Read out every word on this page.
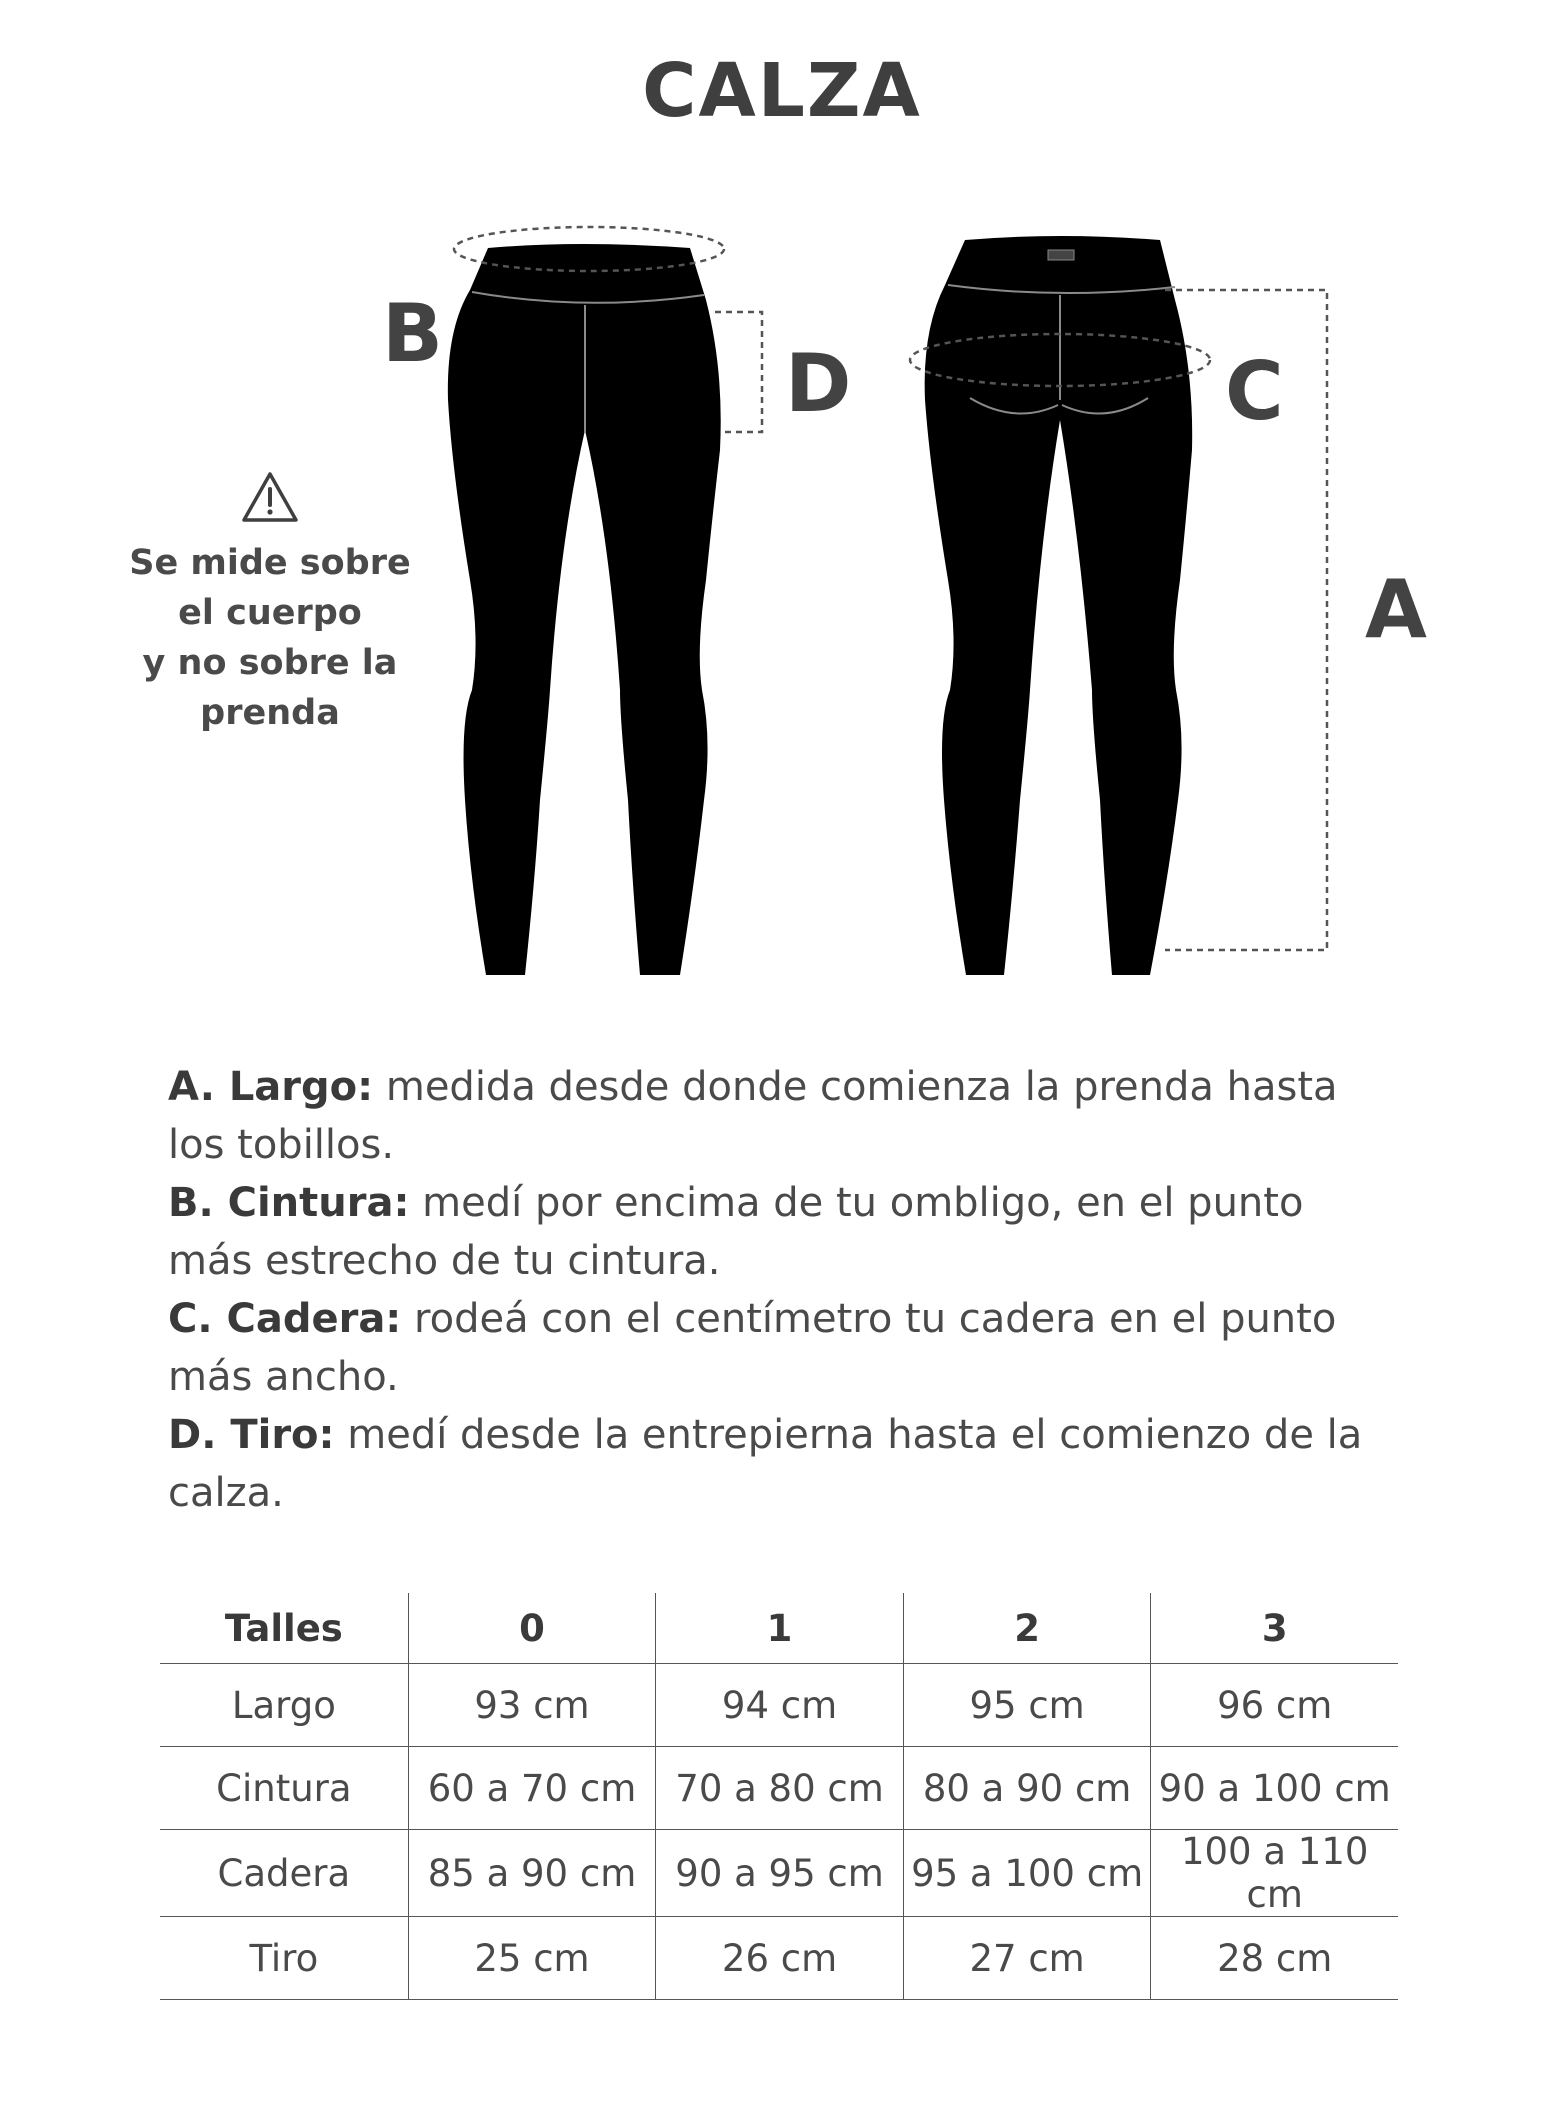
CALZA
B
D	C
A
Se mide sobre
el cuerpo
y no sobre la
prenda

A. Largo: medida desde donde comienza la prenda hasta los tobillos.

B. Cintura: medí por encima de tu ombligo, en el punto más estrecho de tu cintura.

C. Cadera: rodeá con el centímetro tu cadera en el punto más ancho.

D. Tiro: medí desde la entrepierna hasta el comienzo de la calza.

Talles	0	1	2	3
Largo	93 cm	94 cm	95 cm	96 cm
Cintura	60 a 70 cm	70 a 80 cm	80 a 90 cm	90 a 100 cm
Cadera	85 a 90 cm	90 a 95 cm	95 a 100 cm	100 a 110 cm
Tiro	25 cm	26 cm	27 cm	28 cm
